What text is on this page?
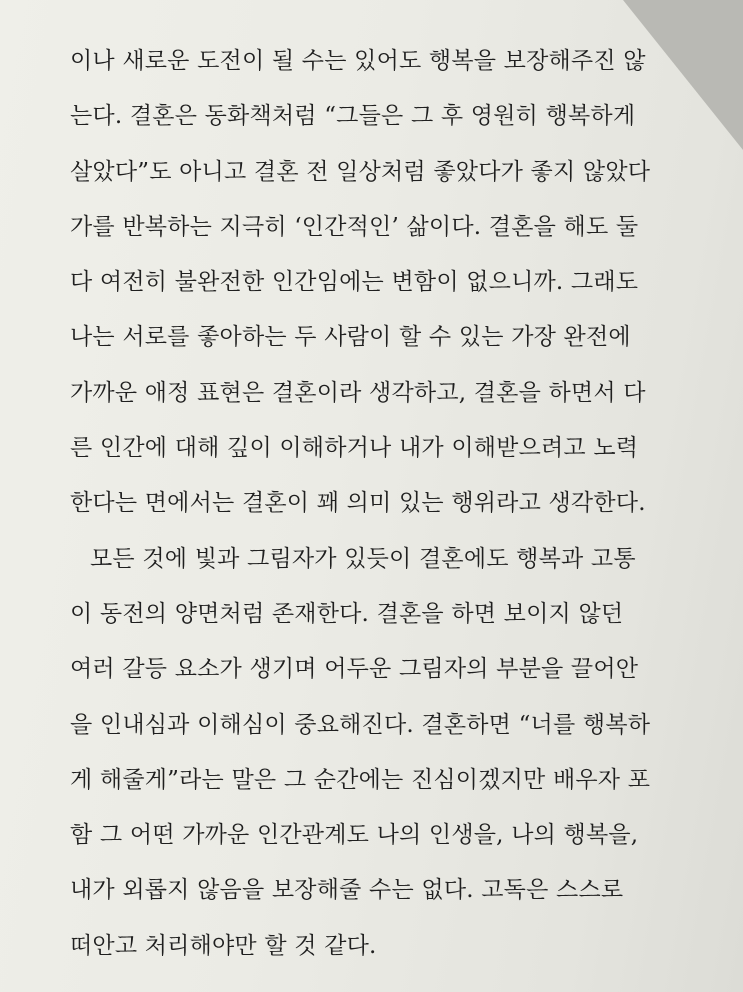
이나 새로운 도전이 될 수는 있어도 행복을 보장해주진 않
는다. 결혼은 동화책처럼 “그들은 그 후 영원히 행복하게
살았다”도 아니고 결혼 전 일상처럼 좋았다가 좋지 않았다
가를 반복하는 지극히 ‘인간적인’ 삶이다. 결혼을 해도 둘
다 여전히 불완전한 인간임에는 변함이 없으니까. 그래도
나는 서로를 좋아하는 두 사람이 할 수 있는 가장 완전에
가까운 애정 표현은 결혼이라 생각하고, 결혼을 하면서 다
른 인간에 대해 깊이 이해하거나 내가 이해받으려고 노력
한다는 면에서는 결혼이 꽤 의미 있는 행위라고 생각한다.
모든 것에 빛과 그림자가 있듯이 결혼에도 행복과 고통
이 동전의 양면처럼 존재한다. 결혼을 하면 보이지 않던
여러 갈등 요소가 생기며 어두운 그림자의 부분을 끌어안
을 인내심과 이해심이 중요해진다. 결혼하면 “너를 행복하
게 해줄게”라는 말은 그 순간에는 진심이겠지만 배우자 포
함 그 어떤 가까운 인간관계도 나의 인생을, 나의 행복을,
내가 외롭지 않음을 보장해줄 수는 없다. 고독은 스스로
떠안고 처리해야만 할 것 같다.
